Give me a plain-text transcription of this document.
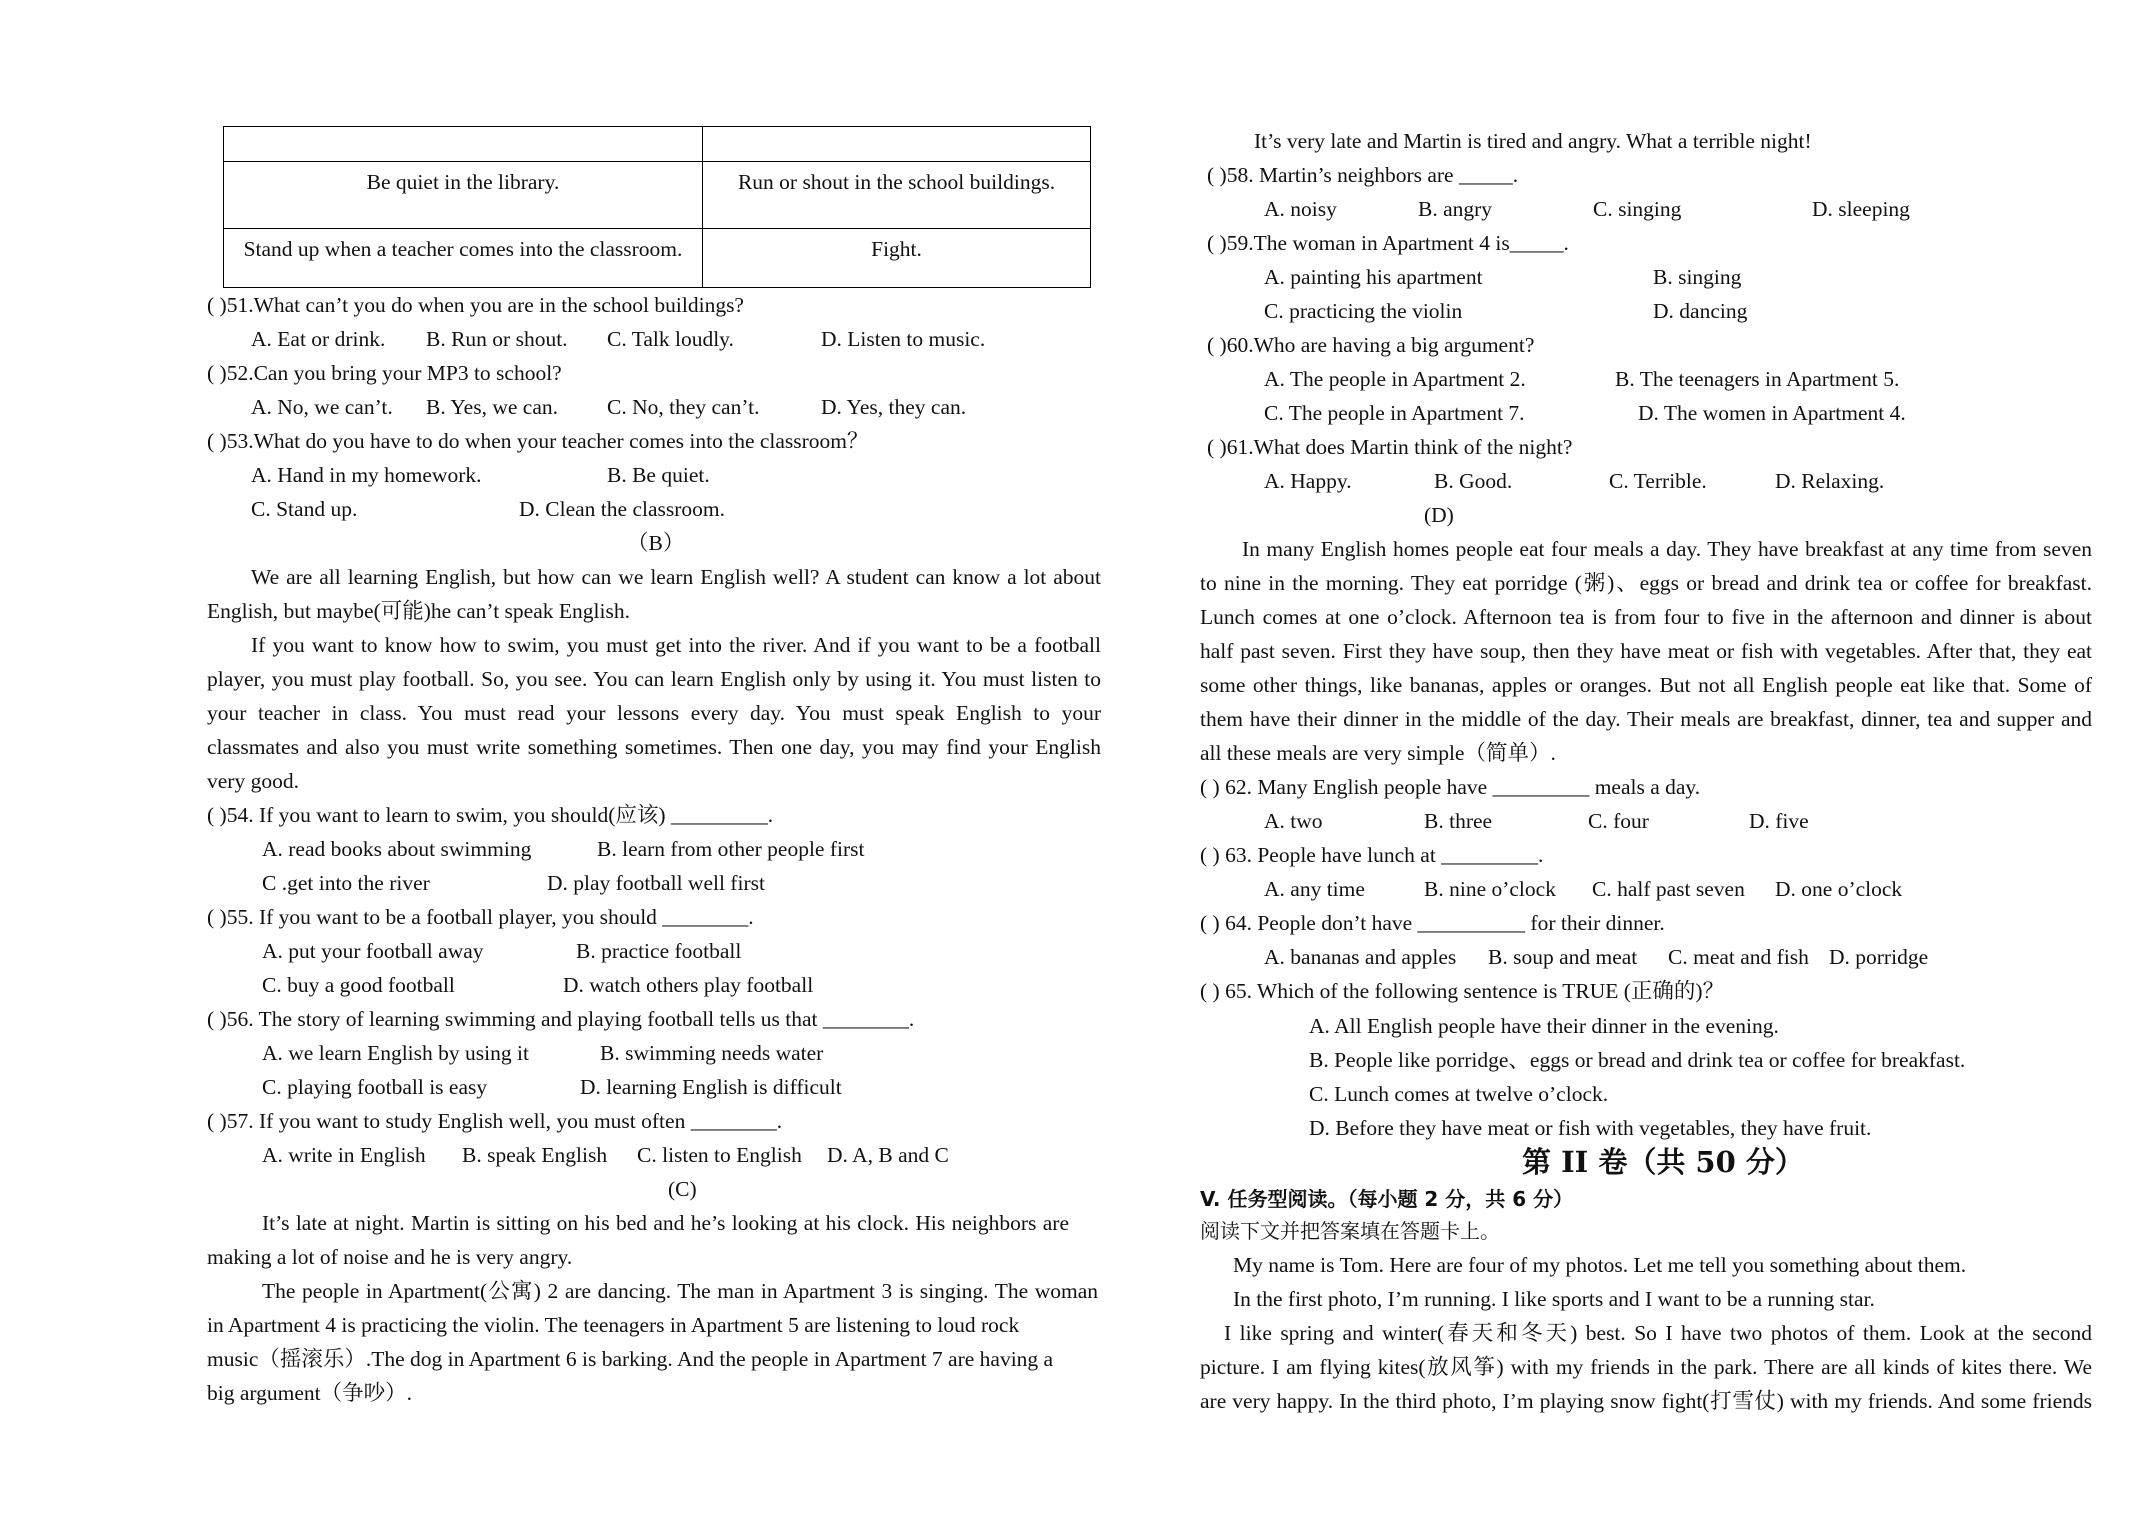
Be quiet in the library.	Run or shout in the school buildings.
Stand up when a teacher comes into the classroom.	Fight.
( )51.What can’t you do when you are in the school buildings?
A. Eat or drink. B. Run or shout. C. Talk loudly.	D. Listen to music.
( )52.Can you bring your MP3 to school?
A. No, we can’t. B. Yes, we can. C. No, they can’t.	D. Yes, they can.
( )53.What do you have to do when your teacher comes into the classroom？
A. Hand in my homework.	B. Be quiet.
C. Stand up.	D. Clean the classroom.
（B）
We are all learning English, but how can we learn English well? A student can know a lot about
English, but maybe(可能)he can’t speak English.
If you want to know how to swim, you must get into the river. And if you want to be a football
player, you must play football. So, you see. You can learn English only by using it. You must listen to
your teacher in class. You must read your lessons every day. You must speak English to your
classmates and also you must write something sometimes. Then one day, you may find your English
very good.
( )54. If you want to learn to swim, you should(应该) _________.
A. read books about swimming	B. learn from other people first
C .get into the river	D. play football well first
( )55. If you want to be a football player, you should ________.
A. put your football away	B. practice football
C. buy a good football	D. watch others play football
( )56. The story of learning swimming and playing football tells us that ________.
A. we learn English by using it	B. swimming needs water
C. playing football is easy	D. learning English is difficult
( )57. If you want to study English well, you must often ________.
A. write in English B. speak English C. listen to English D. A, B and C
(C)
It’s late at night. Martin is sitting on his bed and he’s looking at his clock. His neighbors are
making a lot of noise and he is very angry.
The people in Apartment(公寓) 2 are dancing. The man in Apartment 3 is singing. The woman
in Apartment 4 is practicing the violin. The teenagers in Apartment 5 are listening to loud rock
music（摇滚乐）.The dog in Apartment 6 is barking. And the people in Apartment 7 are having a
big argument（争吵）.
It’s very late and Martin is tired and angry. What a terrible night!
( )58. Martin’s neighbors are _____.
A. noisy	B. angry	C. singing	D. sleeping
( )59.The woman in Apartment 4 is_____.
A. painting his apartment	B. singing
C. practicing the violin	D. dancing
( )60.Who are having a big argument?
A. The people in Apartment 2.	B. The teenagers in Apartment 5.
C. The people in Apartment 7.	D. The women in Apartment 4.
( )61.What does Martin think of the night?
A. Happy.	B. Good.	C. Terrible.	D. Relaxing.
(D)
In many English homes people eat four meals a day. They have breakfast at any time from seven
to nine in the morning. They eat porridge (粥)、eggs or bread and drink tea or coffee for breakfast.
Lunch comes at one o’clock. Afternoon tea is from four to five in the afternoon and dinner is about
half past seven. First they have soup, then they have meat or fish with vegetables. After that, they eat
some other things, like bananas, apples or oranges. But not all English people eat like that. Some of
them have their dinner in the middle of the day. Their meals are breakfast, dinner, tea and supper and
all these meals are very simple（简单）.
( ) 62. Many English people have _________ meals a day.
A. two	B. three	C. four	D. five
( ) 63. People have lunch at _________.
A. any time	B. nine o’clock C. half past seven D. one o’clock
( ) 64. People don’t have __________ for their dinner.
A. bananas and apples B. soup and meat C. meat and fish D. porridge
( ) 65. Which of the following sentence is TRUE (正确的)？
A. All English people have their dinner in the evening.
B. People like porridge、eggs or bread and drink tea or coffee for breakfast.
C. Lunch comes at twelve o’clock.
D. Before they have meat or fish with vegetables, they have fruit.
第 II 卷（共 50 分）
V. 任务型阅读。（每小题 2 分，共 6 分）
阅读下文并把答案填在答题卡上。
My name is Tom. Here are four of my photos. Let me tell you something about them.
In the first photo, I’m running. I like sports and I want to be a running star.
I like spring and winter(春天和冬天) best. So I have two photos of them. Look at the second
picture. I am flying kites(放风筝) with my friends in the park. There are all kinds of kites there. We
are very happy. In the third photo, I’m playing snow fight(打雪仗) with my friends. And some friends
